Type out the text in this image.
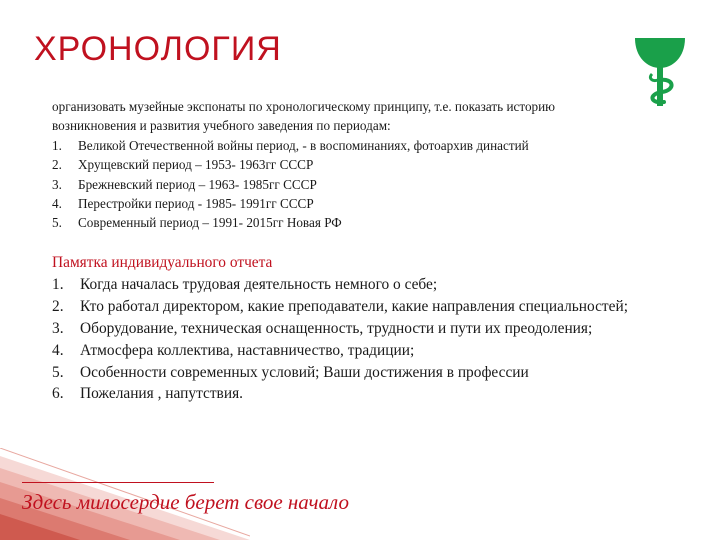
ХРОНОЛОГИЯ

организовать музейные экспонаты по хронологическому принципу, т.е. показать историю возникновения и развития учебного заведения по периодам:

1. Великой Отечественной войны период, - в воспоминаниях, фотоархив династий
2. Хрущевский период – 1953- 1963гг СССР
3. Брежневский период – 1963- 1985гг СССР
4. Перестройки период - 1985- 1991гг СССР
5. Современный период – 1991- 2015гг Новая РФ

Памятка индивидуального отчета

1. Когда началась трудовая деятельность немного о себе;
2. Кто работал директором, какие преподаватели, какие направления специальностей;
3. Оборудование, техническая оснащенность, трудности и пути их преодоления;
4. Атмосфера коллектива, наставничество, традиции;
5. Особенности современных условий; Ваши достижения в профессии
6. Пожелания , напутствия.

Здесь милосердие берет свое начало
